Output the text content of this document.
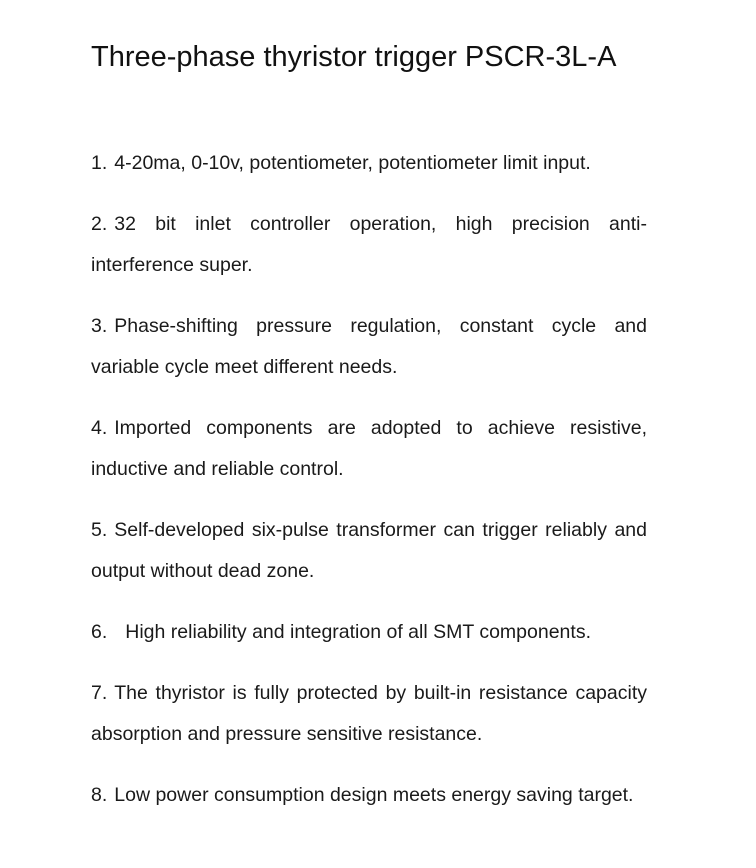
Three-phase thyristor trigger PSCR-3L-A
1. 4-20ma, 0-10v, potentiometer, potentiometer limit input.
2. 32 bit inlet controller operation, high precision anti-interference super.
3. Phase-shifting pressure regulation, constant cycle and variable cycle meet different needs.
4. Imported components are adopted to achieve resistive, inductive and reliable control.
5. Self-developed six-pulse transformer can trigger reliably and output without dead zone.
6. High reliability and integration of all SMT components.
7. The thyristor is fully protected by built-in resistance capacity absorption and pressure sensitive resistance.
8. Low power consumption design meets energy saving target.
